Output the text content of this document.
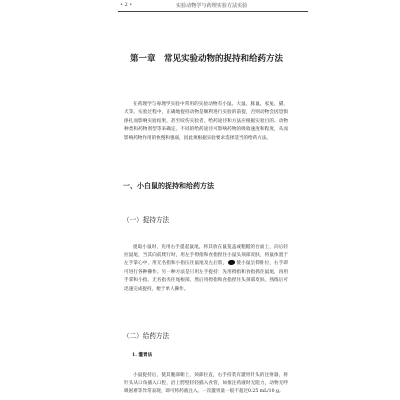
• 2 •	实验动物学与药理实验方法实验
第一章　常见实验动物的捉持和给药方法

在药理学与毒理学实验中常用的实验动物有小鼠、大鼠、豚鼠、家兔、猫、犬等。实验过程中，正确地捉持动物是顺利进行实验的前提，否则动物会因恐惧挣扎而影响实验结果，甚至咬伤实验者。给药途径和方法应根据实验目的、动物种类和药物剂型等来确定。不同的给药途径可影响药物的吸收速度和程度，从而影响药物作用的快慢和强弱，因此须根据实验要求选择适当的给药方法。

一、小白鼠的捉持和给药方法
（一）捉持方法

捉取小鼠时，先用右手提起鼠尾，将其放在鼠笼盖或粗糙的台面上，向后轻拉鼠尾，当其向前爬行时，用左手拇指和食指捏住小鼠头颈部皮肤，将鼠体置于左手掌心中，用无名指和小指压住鼠尾及左后肢， 使小鼠呈仰卧位，右手即可进行各种操作。另一种方法是只用左手捉持：先用拇指和食指抓住鼠尾，再用手掌和小指、无名指夹住尾根部，然后用拇指和食指捏住头颈部皮肤。熟练后可迅速完成捉持，便于单人操作。

（二）给药方法
1. 灌胃法

小鼠捉持后，使其腹部朝上，颈部拉直，右手持装有灌胃针头的注射器，将针头从口角插入口腔，沿上腭壁轻轻插入食管，如推注药液时无阻力，动物无呼吸困难等异常表现，即可将药液注入。一次灌胃量一般不超过0.25 mL/10 g。
